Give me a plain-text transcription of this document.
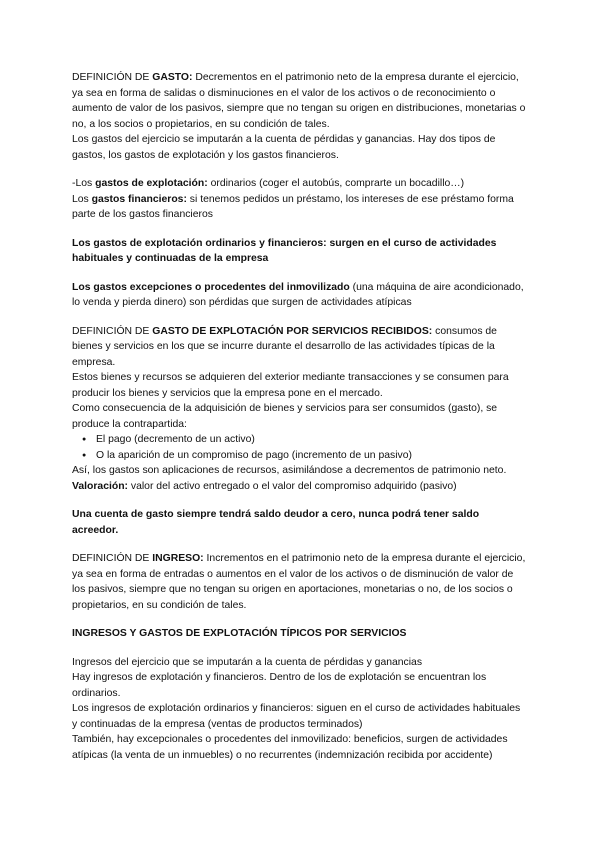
DEFINICIÓN DE GASTO: Decrementos en el patrimonio neto de la empresa durante el ejercicio, ya sea en forma de salidas o disminuciones en el valor de los activos o de reconocimiento o aumento de valor de los pasivos, siempre que no tengan su origen en distribuciones, monetarias o no, a los socios o propietarios, en su condición de tales.

Los gastos del ejercicio se imputarán a la cuenta de pérdidas y ganancias. Hay dos tipos de gastos, los gastos de explotación y los gastos financieros.

-Los gastos de explotación: ordinarios (coger el autobús, comprarte un bocadillo…)

Los gastos financieros: si tenemos pedidos un préstamo, los intereses de ese préstamo forma parte de los gastos financieros

Los gastos de explotación ordinarios y financieros: surgen en el curso de actividades habituales y continuadas de la empresa

Los gastos excepciones o procedentes del inmovilizado (una máquina de aire acondicionado, lo venda y pierda dinero) son pérdidas que surgen de actividades atípicas

DEFINICIÓN DE GASTO DE EXPLOTACIÓN POR SERVICIOS RECIBIDOS: consumos de bienes y servicios en los que se incurre durante el desarrollo de las actividades típicas de la empresa.

Estos bienes y recursos se adquieren del exterior mediante transacciones y se consumen para producir los bienes y servicios que la empresa pone en el mercado.

Como consecuencia de la adquisición de bienes y servicios para ser consumidos (gasto), se produce la contrapartida:

● El pago (decremento de un activo)
● O la aparición de un compromiso de pago (incremento de un pasivo)

Así, los gastos son aplicaciones de recursos, asimilándose a decrementos de patrimonio neto.

Valoración: valor del activo entregado o el valor del compromiso adquirido (pasivo)

Una cuenta de gasto siempre tendrá saldo deudor a cero, nunca podrá tener saldo acreedor.

DEFINICIÓN DE INGRESO: Incrementos en el patrimonio neto de la empresa durante el ejercicio, ya sea en forma de entradas o aumentos en el valor de los activos o de disminución de valor de los pasivos, siempre que no tengan su origen en aportaciones, monetarias o no, de los socios o propietarios, en su condición de tales.

INGRESOS Y GASTOS DE EXPLOTACIÓN TÍPICOS POR SERVICIOS

Ingresos del ejercicio que se imputarán a la cuenta de pérdidas y ganancias

Hay ingresos de explotación y financieros. Dentro de los de explotación se encuentran los ordinarios.

Los ingresos de explotación ordinarios y financieros: siguen en el curso de actividades habituales y continuadas de la empresa (ventas de productos terminados)

También, hay excepcionales o procedentes del inmovilizado: beneficios, surgen de actividades atípicas (la venta de un inmuebles) o no recurrentes (indemnización recibida por accidente)
